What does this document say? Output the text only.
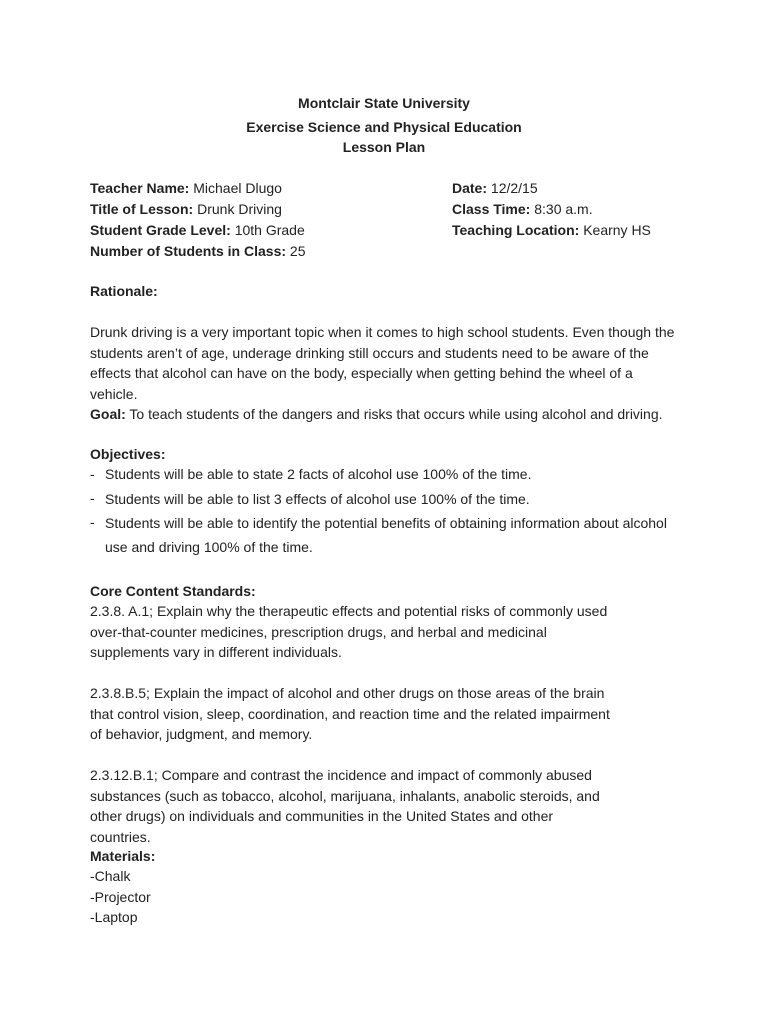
Montclair State University
Exercise Science and Physical Education
Lesson Plan
Teacher Name: Michael Dlugo
Title of Lesson: Drunk Driving
Student Grade Level: 10th Grade
Number of Students in Class: 25
Date: 12/2/15
Class Time: 8:30 a.m.
Teaching Location: Kearny HS
Rationale:
Drunk driving is a very important topic when it comes to high school students. Even though the students aren’t of age, underage drinking still occurs and students need to be aware of the effects that alcohol can have on the body, especially when getting behind the wheel of a vehicle.
Goal: To teach students of the dangers and risks that occurs while using alcohol and driving.
Objectives:
- Students will be able to state 2 facts of alcohol use 100% of the time.
- Students will be able to list 3 effects of alcohol use 100% of the time.
- Students will be able to identify the potential benefits of obtaining information about alcohol use and driving 100% of the time.
Core Content Standards:
2.3.8. A.1; Explain why the therapeutic effects and potential risks of commonly used over-that-counter medicines, prescription drugs, and herbal and medicinal supplements vary in different individuals.
2.3.8.B.5; Explain the impact of alcohol and other drugs on those areas of the brain that control vision, sleep, coordination, and reaction time and the related impairment of behavior, judgment, and memory.
2.3.12.B.1; Compare and contrast the incidence and impact of commonly abused substances (such as tobacco, alcohol, marijuana, inhalants, anabolic steroids, and other drugs) on individuals and communities in the United States and other countries.
Materials:
-Chalk
-Projector
-Laptop
